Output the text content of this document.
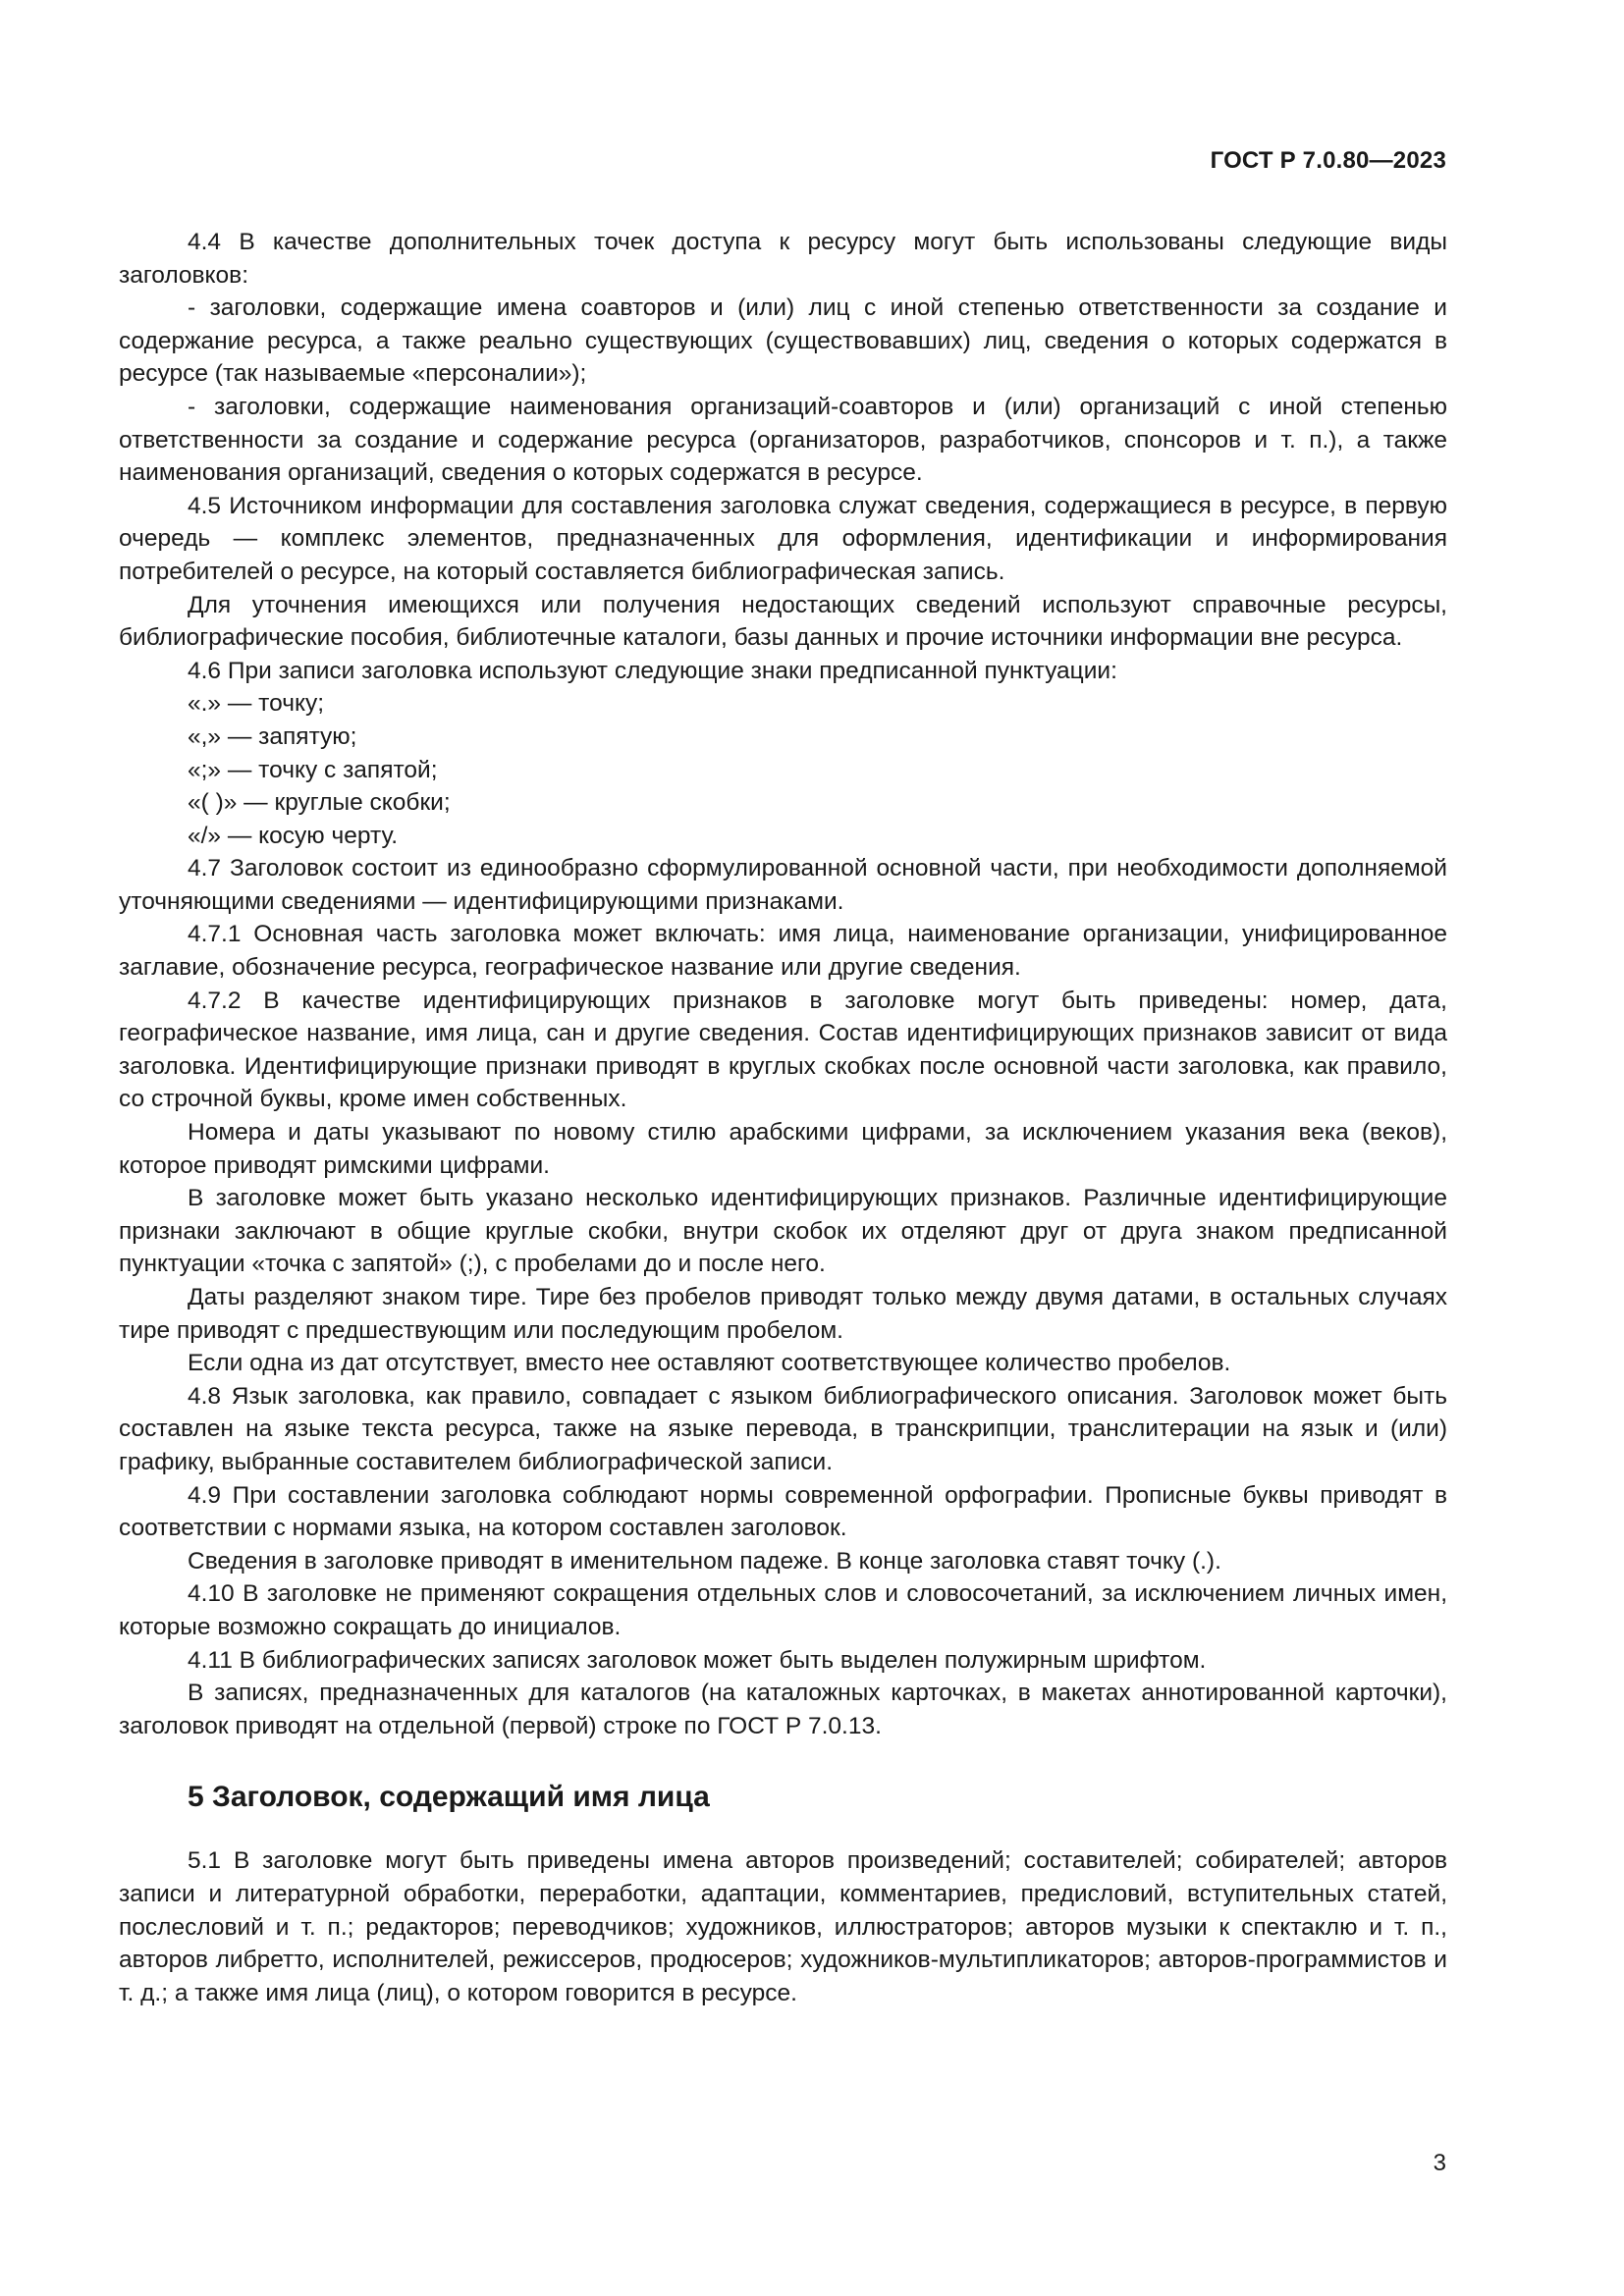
ГОСТ Р 7.0.80—2023

4.4 В качестве дополнительных точек доступа к ресурсу могут быть использованы следующие виды заголовков:

- заголовки, содержащие имена соавторов и (или) лиц с иной степенью ответственности за создание и содержание ресурса, а также реально существующих (существовавших) лиц, сведения о которых содержатся в ресурсе (так называемые «персоналии»);

- заголовки, содержащие наименования организаций-соавторов и (или) организаций с иной степенью ответственности за создание и содержание ресурса (организаторов, разработчиков, спонсоров и т. п.), а также наименования организаций, сведения о которых содержатся в ресурсе.

4.5 Источником информации для составления заголовка служат сведения, содержащиеся в ресурсе, в первую очередь — комплекс элементов, предназначенных для оформления, идентификации и информирования потребителей о ресурсе, на который составляется библиографическая запись.

Для уточнения имеющихся или получения недостающих сведений используют справочные ресурсы, библиографические пособия, библиотечные каталоги, базы данных и прочие источники информации вне ресурса.

4.6 При записи заголовка используют следующие знаки предписанной пунктуации:

«.» — точку;

«,» — запятую;

«;» — точку с запятой;

«( )» — круглые скобки;

«/» — косую черту.

4.7 Заголовок состоит из единообразно сформулированной основной части, при необходимости дополняемой уточняющими сведениями — идентифицирующими признаками.

4.7.1 Основная часть заголовка может включать: имя лица, наименование организации, унифицированное заглавие, обозначение ресурса, географическое название или другие сведения.

4.7.2 В качестве идентифицирующих признаков в заголовке могут быть приведены: номер, дата, географическое название, имя лица, сан и другие сведения. Состав идентифицирующих признаков зависит от вида заголовка. Идентифицирующие признаки приводят в круглых скобках после основной части заголовка, как правило, со строчной буквы, кроме имен собственных.

Номера и даты указывают по новому стилю арабскими цифрами, за исключением указания века (веков), которое приводят римскими цифрами.

В заголовке может быть указано несколько идентифицирующих признаков. Различные идентифицирующие признаки заключают в общие круглые скобки, внутри скобок их отделяют друг от друга знаком предписанной пунктуации «точка с запятой» (;), с пробелами до и после него.

Даты разделяют знаком тире. Тире без пробелов приводят только между двумя датами, в остальных случаях тире приводят с предшествующим или последующим пробелом.

Если одна из дат отсутствует, вместо нее оставляют соответствующее количество пробелов.

4.8 Язык заголовка, как правило, совпадает с языком библиографического описания. Заголовок может быть составлен на языке текста ресурса, также на языке перевода, в транскрипции, транслитерации на язык и (или) графику, выбранные составителем библиографической записи.

4.9 При составлении заголовка соблюдают нормы современной орфографии. Прописные буквы приводят в соответствии с нормами языка, на котором составлен заголовок.

Сведения в заголовке приводят в именительном падеже. В конце заголовка ставят точку (.).

4.10 В заголовке не применяют сокращения отдельных слов и словосочетаний, за исключением личных имен, которые возможно сокращать до инициалов.

4.11 В библиографических записях заголовок может быть выделен полужирным шрифтом.

В записях, предназначенных для каталогов (на каталожных карточках, в макетах аннотированной карточки), заголовок приводят на отдельной (первой) строке по ГОСТ Р 7.0.13.

5 Заголовок, содержащий имя лица

5.1 В заголовке могут быть приведены имена авторов произведений; составителей; собирателей; авторов записи и литературной обработки, переработки, адаптации, комментариев, предисловий, вступительных статей, послесловий и т. п.; редакторов; переводчиков; художников, иллюстраторов; авторов музыки к спектаклю и т. п., авторов либретто, исполнителей, режиссеров, продюсеров; художников-мультипликаторов; авторов-программистов и т. д.; а также имя лица (лиц), о котором говорится в ресурсе.

3
